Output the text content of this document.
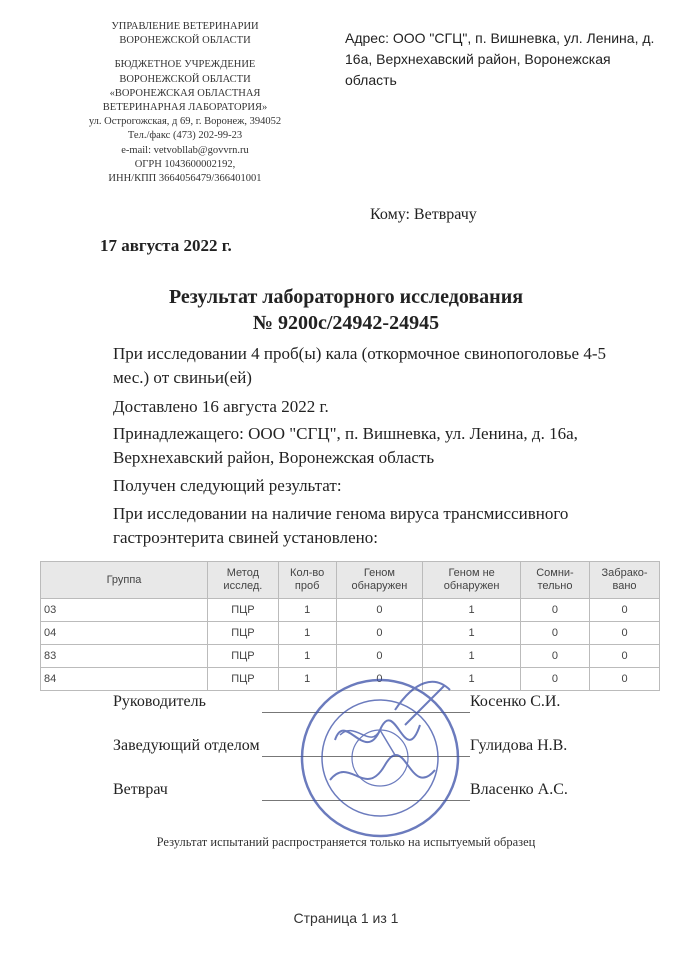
УПРАВЛЕНИЕ ВЕТЕРИНАРИИ
ВОРОНЕЖСКОЙ ОБЛАСТИ
БЮДЖЕТНОЕ УЧРЕЖДЕНИЕ
ВОРОНЕЖСКОЙ ОБЛАСТИ
«ВОРОНЕЖСКАЯ ОБЛАСТНАЯ
ВЕТЕРИНАРНАЯ ЛАБОРАТОРИЯ»
ул. Острогожская, д 69, г. Воронеж, 394052
Тел./факс (473) 202-99-23
e-mail: vetvobllab@govvrn.ru
ОГРН 1043600002192,
ИНН/КПП 3664056479/366401001
Адрес: ООО "СГЦ", п. Вишневка, ул. Ленина, д. 16а, Верхнехавский район, Воронежская область
Кому: Ветврачу
17 августа 2022 г.
Результат лабораторного исследования
№ 9200с/24942-24945
При исследовании 4 проб(ы) кала (откормочное свинопоголовье 4-5 мес.) от свиньи(ей)
Доставлено 16 августа 2022 г.
Принадлежащего: ООО "СГЦ", п. Вишневка, ул. Ленина, д. 16а, Верхнехавский район, Воронежская область
Получен следующий результат:
При исследовании на наличие генома вируса трансмиссивного гастроэнтерита свиней установлено:
Группа	Метод исслед.	Кол-во проб	Геном обнаружен	Геном не обнаружен	Сомни-тельно	Забрако-вано
03	ПЦР	1	0	1	0	0
04	ПЦР	1	0	1	0	0
83	ПЦР	1	0	1	0	0
84	ПЦР	1	0	1	0	0
Руководитель	Косенко С.И.
Заведующий отделом	Гулидова Н.В.
Ветврач	Власенко А.С.
Результат испытаний распространяется только на испытуемый образец
Страница 1 из 1
